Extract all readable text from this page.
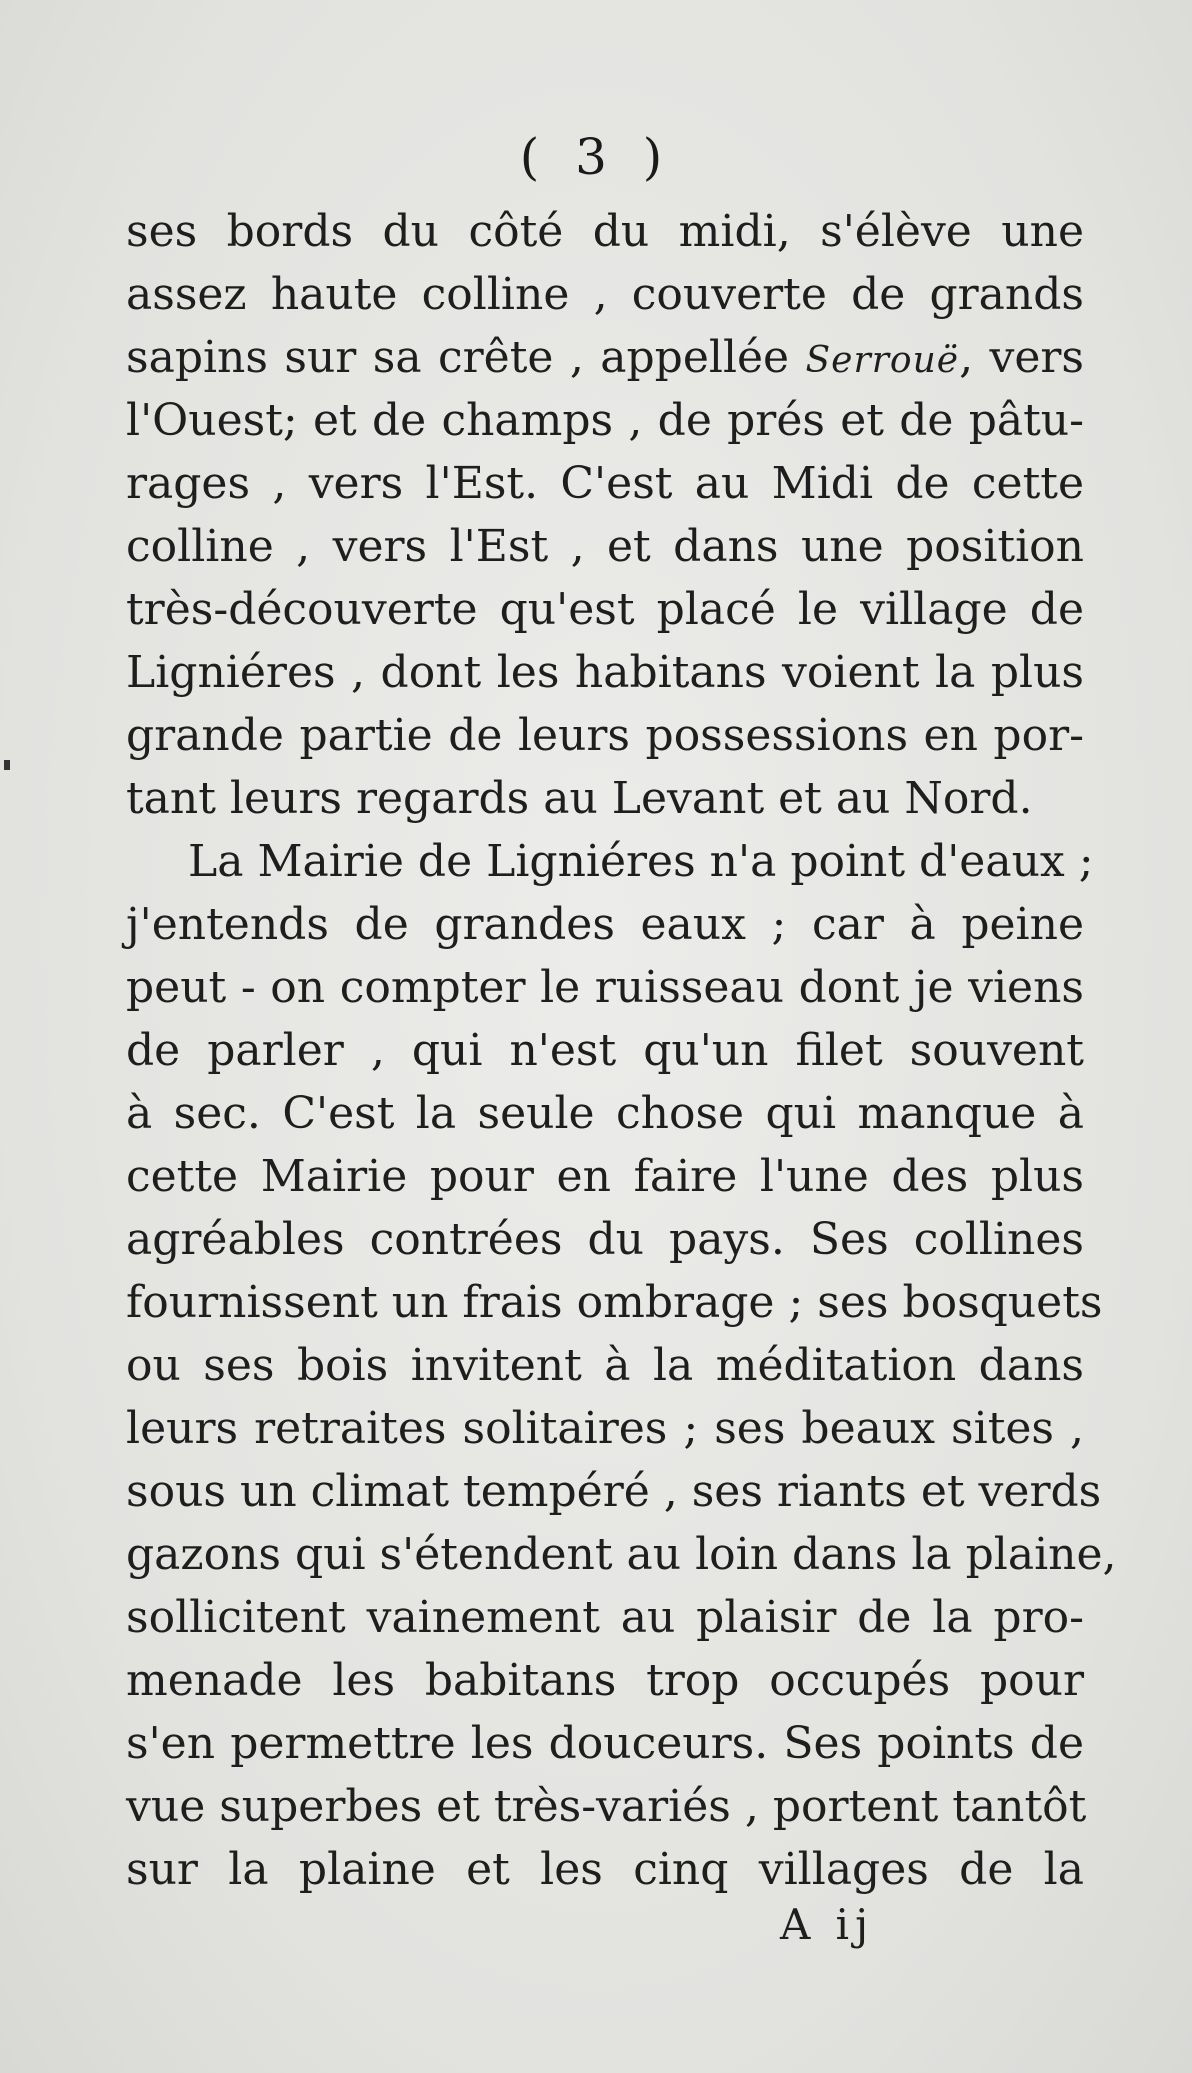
( 3 )
ses bords du côté du midi, s'élève une
assez haute colline , couverte de grands
sapins sur sa crête , appellée Serrouë, vers
l'Ouest; et de champs , de prés et de pâtu-
rages , vers l'Est. C'est au Midi de cette
colline , vers l'Est , et dans une position
très-découverte qu'est placé le village de
Ligniéres , dont les habitans voient la plus
grande partie de leurs possessions en por-
tant leurs regards au Levant et au Nord.
La Mairie de Ligniéres n'a point d'eaux ;
j'entends de grandes eaux ; car à peine
peut - on compter le ruisseau dont je viens
de parler , qui n'est qu'un filet souvent
à sec. C'est la seule chose qui manque à
cette Mairie pour en faire l'une des plus
agréables contrées du pays. Ses collines
fournissent un frais ombrage ; ses bosquets
ou ses bois invitent à la méditation dans
leurs retraites solitaires ; ses beaux sites ,
sous un climat tempéré , ses riants et verds
gazons qui s'étendent au loin dans la plaine,
sollicitent vainement au plaisir de la pro-
menade les babitans trop occupés pour
s'en permettre les douceurs. Ses points de
vue superbes et très-variés , portent tantôt
sur la plaine et les cinq villages de la
A ij
